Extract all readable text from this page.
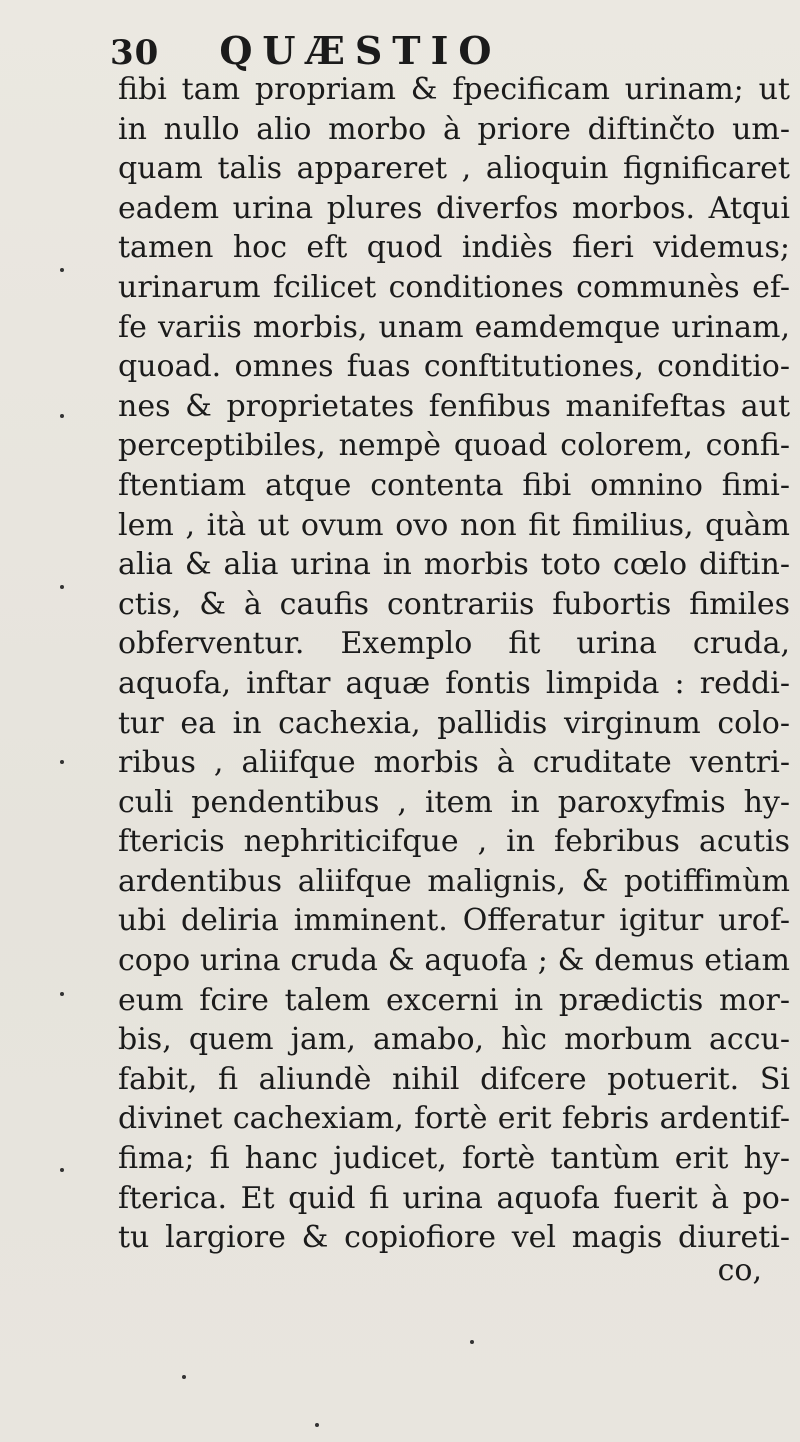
30 QUÆSTIO
fibi tam propriam & fpecificam urinam; ut
in nullo alio morbo à priore diftinčto um-
quam talis appareret , alioquin fignificaret
eadem urina plures diverfos morbos. Atqui
tamen hoc eft quod indiès fieri videmus;
urinarum fcilicet conditiones communès ef-
fe variis morbis, unam eamdemque urinam,
quoad. omnes fuas conftitutiones, conditio-
nes & proprietates fenfibus manifeftas aut
perceptibiles, nempè quoad colorem, confi-
ftentiam atque contenta fibi omnino fimi-
lem , ità ut ovum ovo non fit fimilius, quàm
alia & alia urina in morbis toto cœlo diftin-
ctis, & à caufis contrariis fubortis fimiles
obferventur. Exemplo fit urina cruda,
aquofa, inftar aquæ fontis limpida : reddi-
tur ea in cachexia, pallidis virginum colo-
ribus , aliifque morbis à cruditate ventri-
culi pendentibus , item in paroxyfmis hy-
ftericis nephriticifque , in febribus acutis
ardentibus aliifque malignis, & potiffimùm
ubi deliria imminent. Offeratur igitur urof-
copo urina cruda & aquofa ; & demus etiam
eum fcire talem excerni in prædictis mor-
bis, quem jam, amabo, hìc morbum accu-
fabit, fi aliundè nihil difcere potuerit. Si
divinet cachexiam, fortè erit febris ardentif-
fima; fi hanc judicet, fortè tantùm erit hy-
fterica. Et quid fi urina aquofa fuerit à po-
tu largiore & copiofiore vel magis diureti-
co,
